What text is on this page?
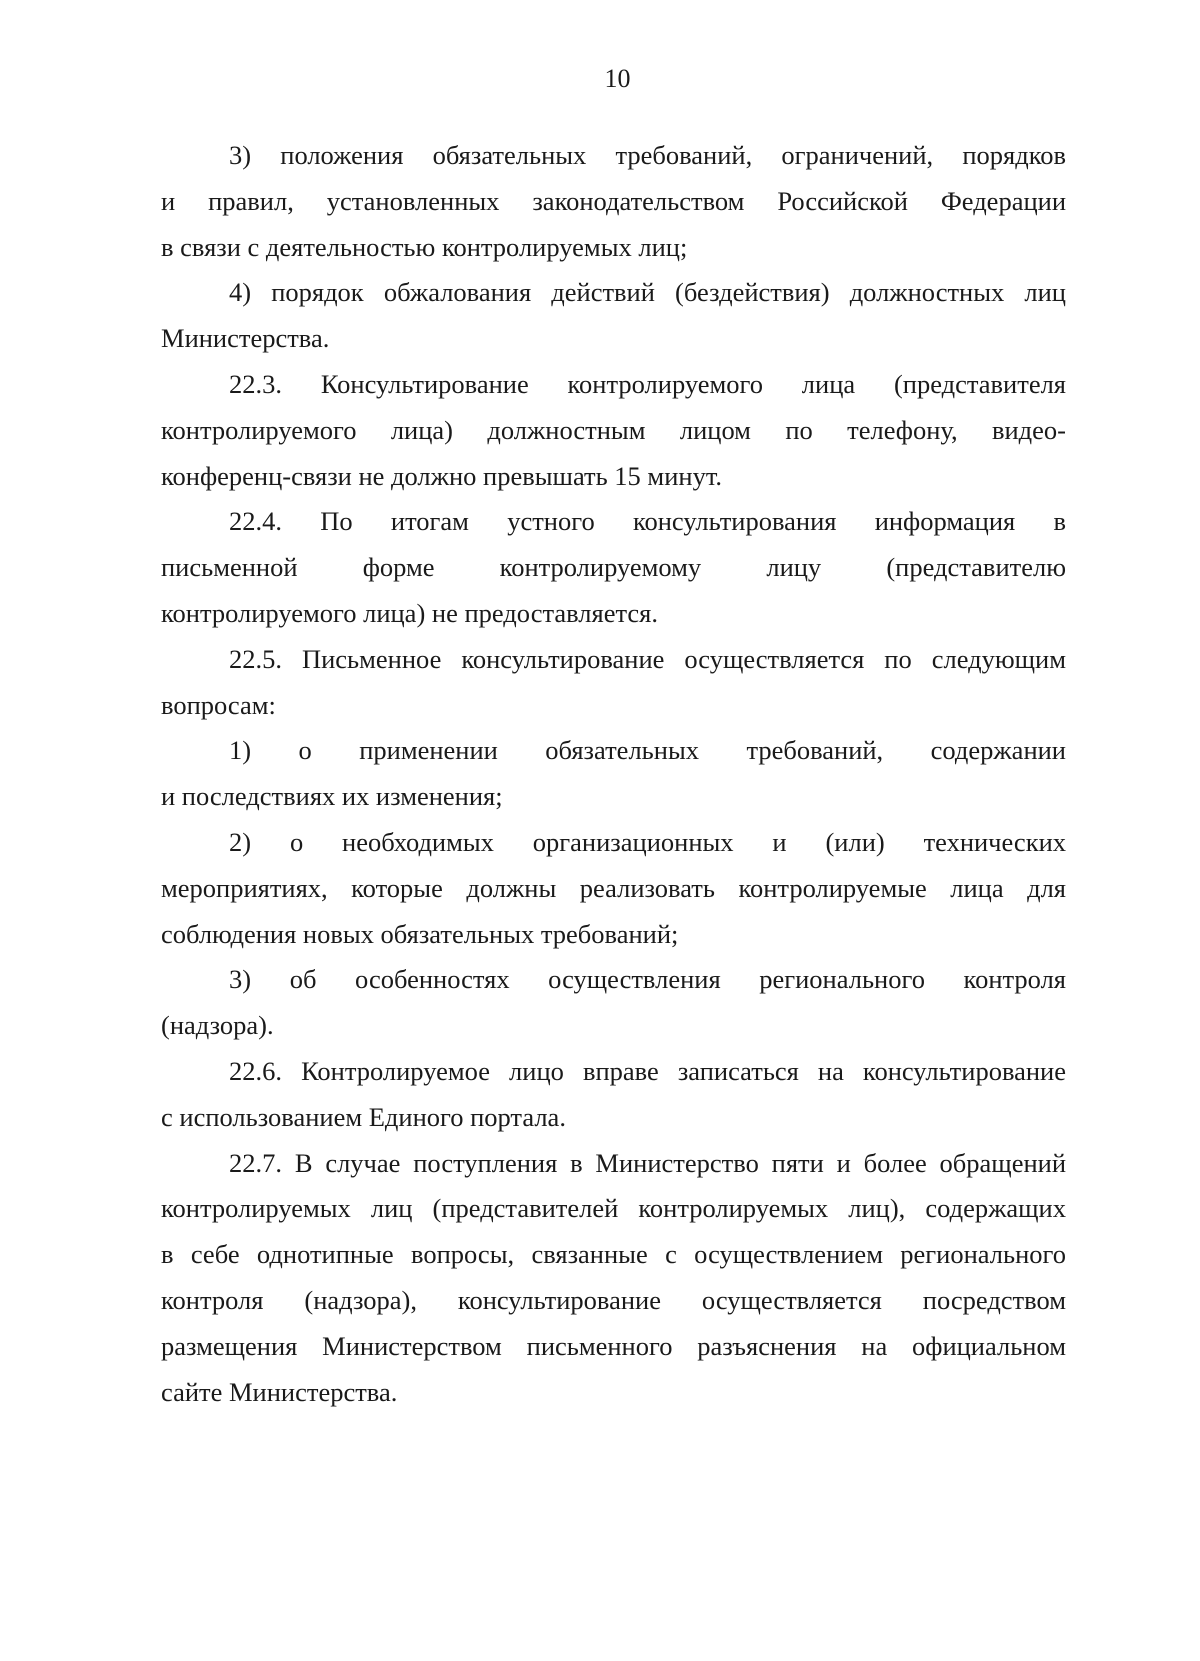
10
3) положения обязательных требований, ограничений, порядков
и правил, установленных законодательством Российской Федерации
в связи с деятельностью контролируемых лиц;
4) порядок обжалования действий (бездействия) должностных лиц
Министерства.
22.3. Консультирование контролируемого лица (представителя
контролируемого лица) должностным лицом по телефону, видео-
конференц-связи не должно превышать 15 минут.
22.4. По итогам устного консультирования информация в
письменной форме контролируемому лицу (представителю
контролируемого лица) не предоставляется.
22.5. Письменное консультирование осуществляется по следующим
вопросам:
1) о применении обязательных требований, содержании
и последствиях их изменения;
2) о необходимых организационных и (или) технических
мероприятиях, которые должны реализовать контролируемые лица для
соблюдения новых обязательных требований;
3) об особенностях осуществления регионального контроля
(надзора).
22.6. Контролируемое лицо вправе записаться на консультирование
с использованием Единого портала.
22.7. В случае поступления в Министерство пяти и более обращений
контролируемых лиц (представителей контролируемых лиц), содержащих
в себе однотипные вопросы, связанные с осуществлением регионального
контроля (надзора), консультирование осуществляется посредством
размещения Министерством письменного разъяснения на официальном
сайте Министерства.
